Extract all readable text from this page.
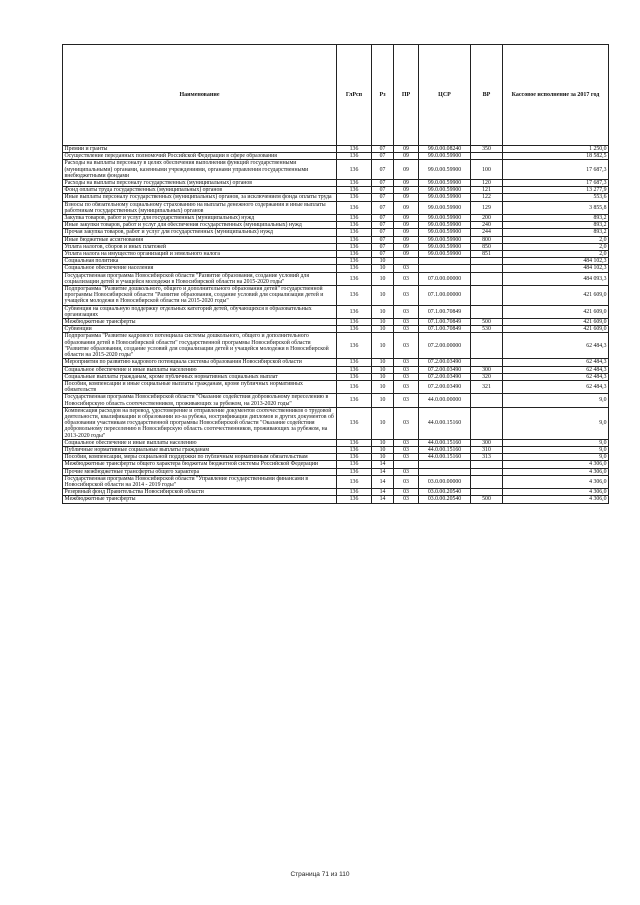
Наименование	ГлРсп	Рз	ПР	ЦСР	ВР	Кассовое исполнение за 2017 год
Премии и гранты	136	07	09	99.0.00.08240	350	1 250,0
Осуществление переданных полномочий Российской Федерации в сфере образования	136	07	09	99.0.00.59900		18 582,5
Расходы на выплаты персоналу в целях обеспечения выполнения функций государственными (муниципальными) органами, казенными учреждениями, органами управления государственными внебюджетными фондами	136	07	09	99.0.00.59900	100	17 687,3
Расходы на выплаты персоналу государственных (муниципальных) органов	136	07	09	99.0.00.59900	120	17 687,3
Фонд оплаты труда государственных (муниципальных) органов	136	07	09	99.0.00.59900	121	13 277,9
Иные выплаты персоналу государственных (муниципальных) органов, за исключением фонда оплаты труда	136	07	09	99.0.00.59900	122	553,6
Взносы по обязательному социальному страхованию на выплаты денежного содержания и иные выплаты работникам государственных (муниципальных) органов	136	07	09	99.0.00.59900	129	3 855,8
Закупка товаров, работ и услуг для государственных (муниципальных) нужд	136	07	09	99.0.00.59900	200	893,2
Иные закупки товаров, работ и услуг для обеспечения государственных (муниципальных) нужд	136	07	09	99.0.00.59900	240	893,2
Прочая закупка товаров, работ и услуг для государственных (муниципальных) нужд	136	07	09	99.0.00.59900	244	893,2
Иные бюджетные ассигнования	136	07	09	99.0.00.59900	800	2,0
Уплата налогов, сборов и иных платежей	136	07	09	99.0.00.59900	850	2,0
Уплата налога на имущество организаций и земельного налога	136	07	09	99.0.00.59900	851	2,0
Социальная политика	136	10				484 102,3
Социальное обеспечение населения	136	10	03			484 102,3
Государственная программа Новосибирской области "Развитие образования, создание условий для социализации детей и учащейся молодежи в Новосибирской области на 2015-2020 годы"	136	10	03	07.0.00.00000		484 093,3
Подпрограмма "Развитие дошкольного, общего и дополнительного образования детей" государственной программы Новосибирской области "Развитие образования, создание условий для социализации детей и учащейся молодежи в Новосибирской области на 2015-2020 годы"	136	10	03	07.1.00.00000		421 609,0
Субвенция на социальную поддержку отдельных категорий детей, обучающихся в образовательных организациях	136	10	03	07.1.00.70849		421 609,0
Межбюджетные трансферты	136	10	03	07.1.00.70849	500	421 609,0
Субвенции	136	10	03	07.1.00.70849	530	421 609,0
Подпрограмма "Развитие кадрового потенциала системы дошкольного, общего и дополнительного образования детей в Новосибирской области" государственной программы Новосибирской области "Развитие образования, создание условий для социализации детей и учащейся молодежи в Новосибирской области на 2015-2020 годы"	136	10	03	07.2.00.00000		62 484,3
Мероприятия по развитию кадрового потенциала системы образования Новосибирской области	136	10	03	07.2.00.03490		62 484,3
Социальное обеспечение и иные выплаты населению	136	10	03	07.2.00.03490	300	62 484,3
Социальные выплаты гражданам, кроме публичных нормативных социальных выплат	136	10	03	07.2.00.03490	320	62 484,3
Пособия, компенсации и иные социальные выплаты гражданам, кроме публичных нормативных обязательств	136	10	03	07.2.00.03490	321	62 484,3
Государственная программа Новосибирской области "Оказание содействия добровольному переселению в Новосибирскую область соотечественников, проживающих за рубежом, на 2013-2020 годы"	136	10	03	44.0.00.00000		9,0
Компенсация расходов на перевод, удостоверение и отправление документов соотечественников о трудовой деятельности, квалификации и образовании из-за рубежа, нострификации дипломов и других документов об образовании участникам государственной программы Новосибирской области "Оказание содействия добровольному переселению в Новосибирскую область соотечественников, проживающих за рубежом, на 2013-2020 годы"	136	10	03	44.0.00.15160		9,0
Социальное обеспечение и иные выплаты населению	136	10	03	44.0.00.15160	300	9,0
Публичные нормативные социальные выплаты гражданам	136	10	03	44.0.00.15160	310	9,0
Пособия, компенсации, меры социальной поддержки по публичным нормативным обязательствам	136	10	03	44.0.00.15160	313	9,0
Межбюджетные трансферты общего характера бюджетам бюджетной системы Российской Федерации	136	14				4 306,0
Прочие межбюджетные трансферты общего характера	136	14	03			4 306,0
Государственная программа Новосибирской области "Управление государственными финансами в Новосибирской области на 2014 - 2019 годы"	136	14	03	03.0.00.00000		4 306,0
Резервный фонд Правительства Новосибирской области	136	14	03	03.0.00.20540		4 306,0
Межбюджетные трансферты	136	14	03	03.0.00.20540	500	4 306,0
Страница 71 из 110
